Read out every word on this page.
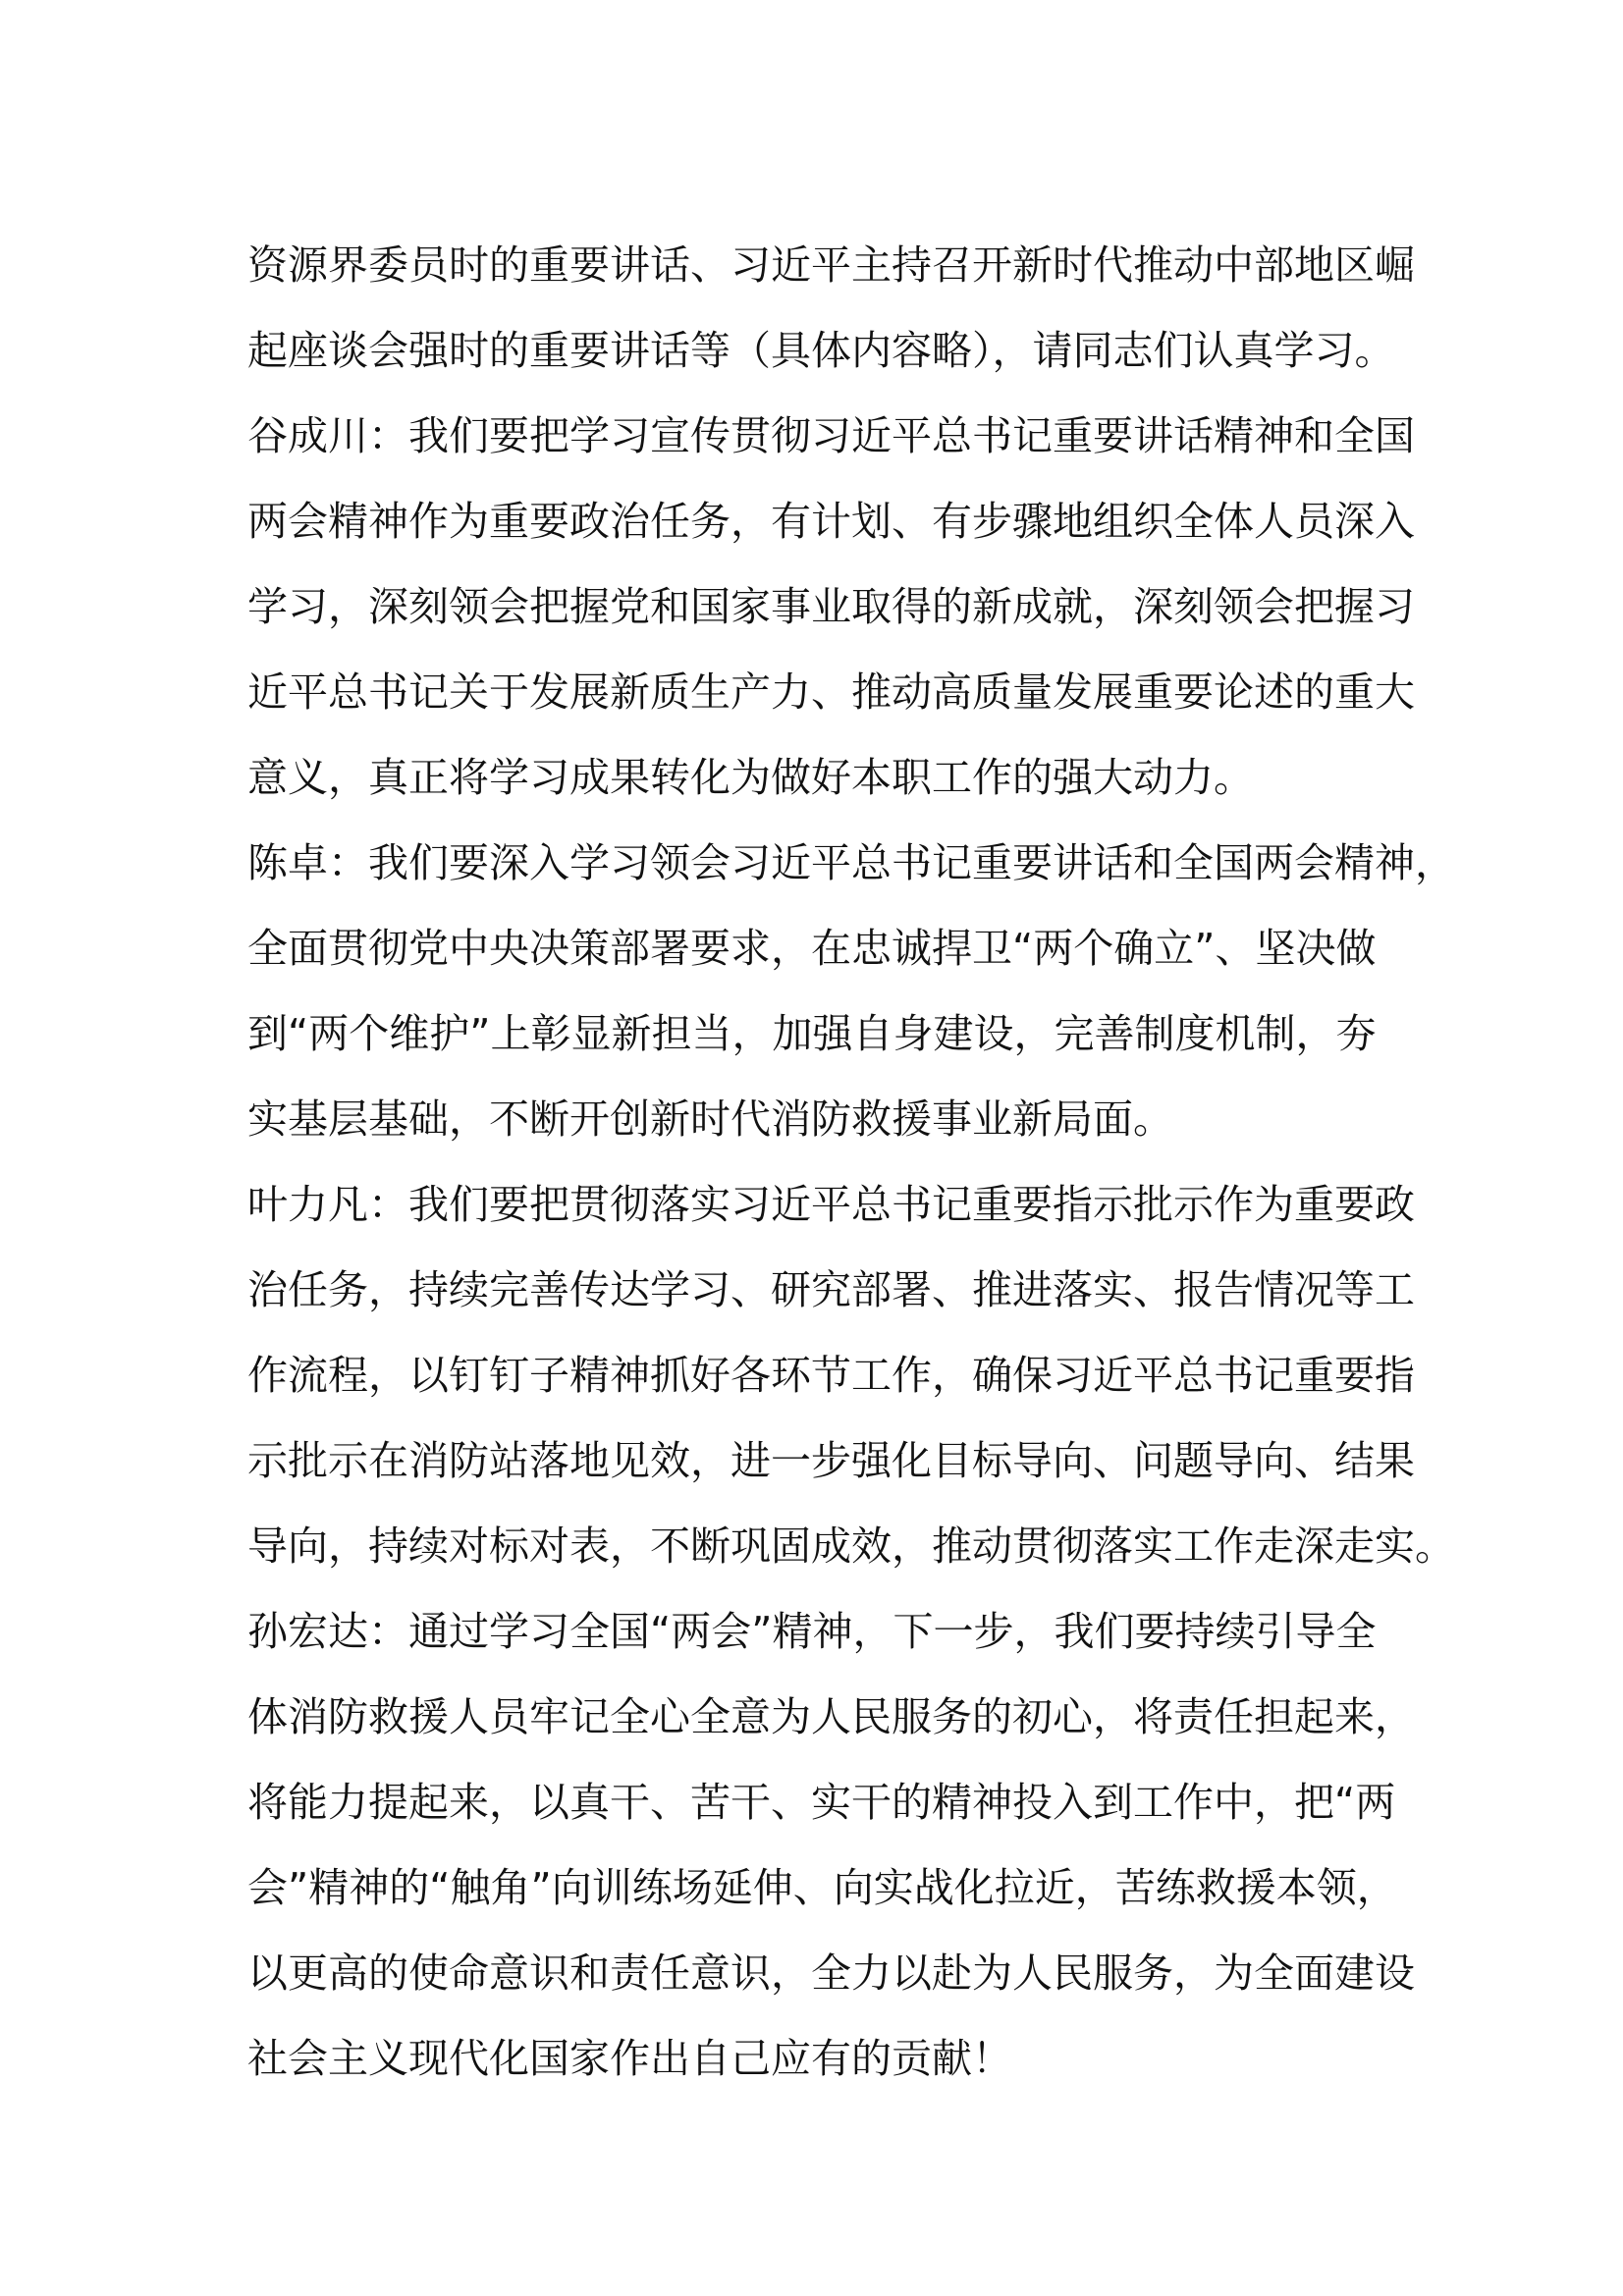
资源界委员时的重要讲话、习近平主持召开新时代推动中部地区崛
起座谈会强时的重要讲话等（具体内容略），请同志们认真学习。
谷成川：我们要把学习宣传贯彻习近平总书记重要讲话精神和全国
两会精神作为重要政治任务，有计划、有步骤地组织全体人员深入
学习，深刻领会把握党和国家事业取得的新成就，深刻领会把握习
近平总书记关于发展新质生产力、推动高质量发展重要论述的重大
意义，真正将学习成果转化为做好本职工作的强大动力。
陈卓：我们要深入学习领会习近平总书记重要讲话和全国两会精神，
全面贯彻党中央决策部署要求，在忠诚捍卫“两个确立”、坚决做
到“两个维护”上彰显新担当，加强自身建设，完善制度机制，夯
实基层基础，不断开创新时代消防救援事业新局面。
叶力凡：我们要把贯彻落实习近平总书记重要指示批示作为重要政
治任务，持续完善传达学习、研究部署、推进落实、报告情况等工
作流程，以钉钉子精神抓好各环节工作，确保习近平总书记重要指
示批示在消防站落地见效，进一步强化目标导向、问题导向、结果
导向，持续对标对表，不断巩固成效，推动贯彻落实工作走深走实。
孙宏达：通过学习全国“两会”精神，下一步，我们要持续引导全
体消防救援人员牢记全心全意为人民服务的初心，将责任担起来，
将能力提起来，以真干、苦干、实干的精神投入到工作中，把“两
会”精神的“触角”向训练场延伸、向实战化拉近，苦练救援本领，
以更高的使命意识和责任意识，全力以赴为人民服务，为全面建设
社会主义现代化国家作出自己应有的贡献！
